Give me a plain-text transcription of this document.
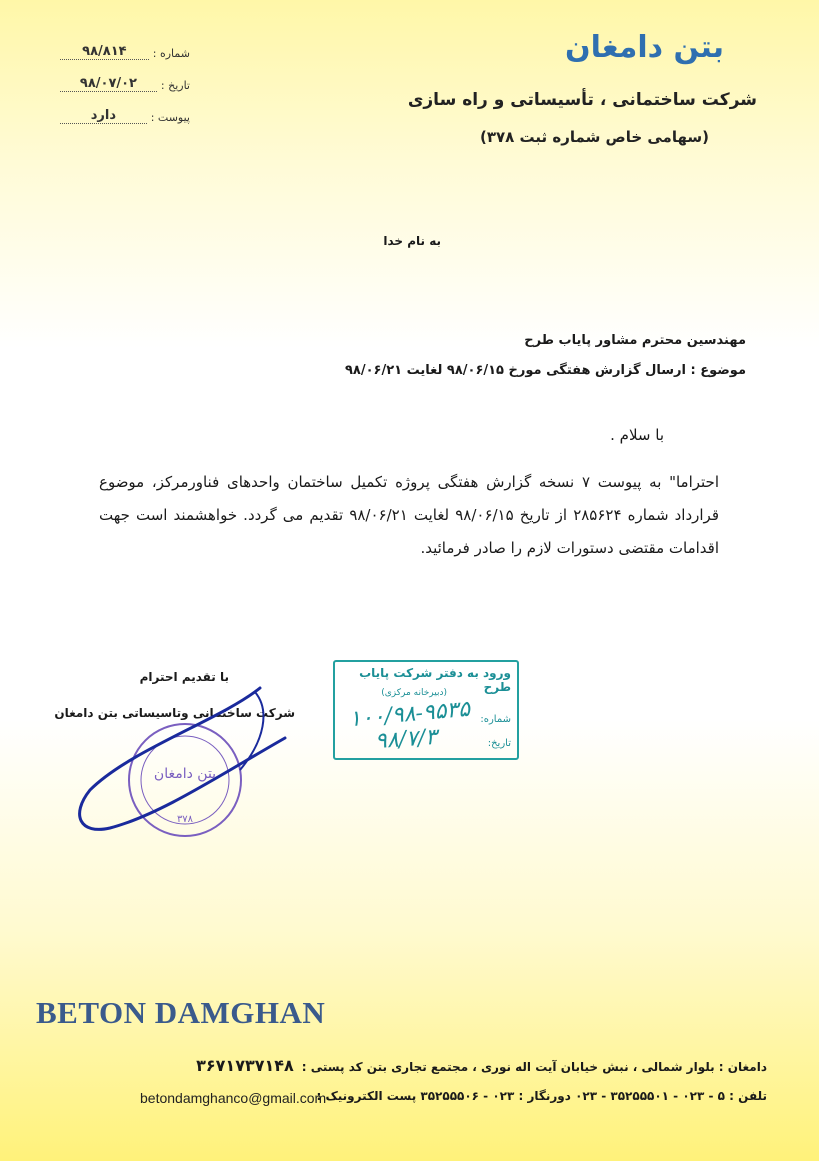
بتن دامغان
شرکت ساختمانی ، تأسیساتی و راه سازی
(سهامی خاص شماره ثبت ۳۷۸)
شماره :
۹۸/۸۱۴
تاریخ :
۹۸/۰۷/۰۲
پیوست :
دارد
به نام خدا
مهندسین محترم مشاور پایاب طرح
موضوع : ارسال گزارش هفتگی مورخ ۹۸/۰۶/۱۵ لغایت ۹۸/۰۶/۲۱
با سلام .
احتراما" به پیوست ۷ نسخه گزارش هفتگی پروژه تکمیل ساختمان واحدهای فناورمرکز، موضوع قرارداد شماره ۲۸۵۶۲۴ از تاریخ ۹۸/۰۶/۱۵ لغایت ۹۸/۰۶/۲۱ تقدیم می گردد. خواهشمند است جهت اقدامات مقتضی دستورات لازم را صادر فرمائید.
با تقدیم احترام
شرکت ساختمانی وتاسیساتی بتن دامغان
بتن دامغان
۳۷۸
ورود به دفتر شرکت پایاب طرح
(دبیرخانه مرکزی)
شماره:
تاریخ:
۱۰۰/۹۸-۹۵۳۵
۹۸/۷/۳
BETON DAMGHAN
دامغان : بلوار شمالی ، نبش خیابان آیت اله نوری ، مجتمع تجاری بتن کد پستی :
۳۶۷۱۷۳۷۱۴۸
تلفن : ۵ - ۰۲۳ - ۳۵۲۵۵۵۰۱ - ۰۲۳ دورنگار : ۰۲۳ - ۳۵۲۵۵۵۰۶ پست الکترونیک :
betondamghanco@gmail.com
